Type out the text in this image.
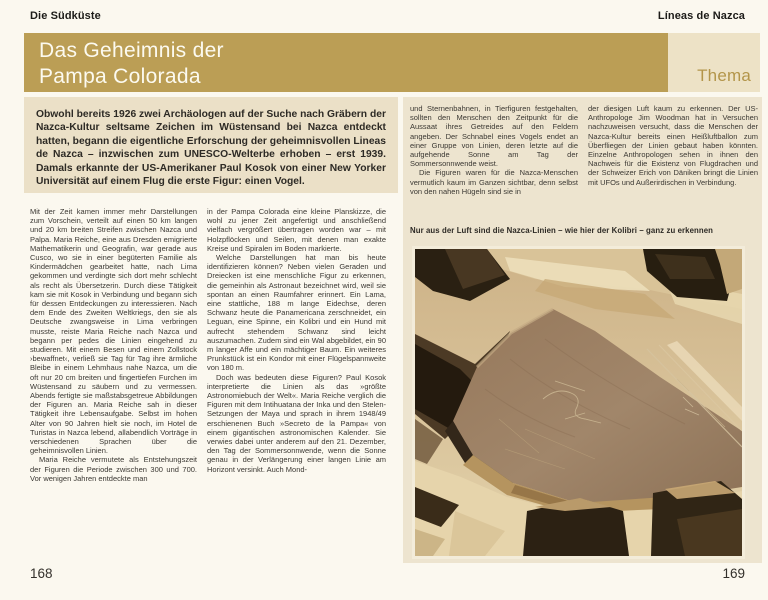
Die Südküste	Líneas de Nazca
Das Geheimnis der
Pampa Colorada	Thema
Obwohl bereits 1926 zwei Archäologen auf der Suche nach Gräbern der Nazca-Kultur seltsame Zeichen im Wüstensand bei Nazca entdeckt hatten, begann die eigentliche Erforschung der geheimnisvollen Lineas de Nazca – inzwischen zum UNESCO-Welterbe erhoben – erst 1939. Damals erkannte der US-Amerikaner Paul Kosok von einer New Yorker Universität auf einem Flug die erste Figur: einen Vogel.

Mit der Zeit kamen immer mehr Darstellungen zum Vorschein, verteilt auf einen 50 km langen und 20 km breiten Streifen zwischen Nazca und Palpa. Maria Reiche, eine aus Dresden emigrierte Mathematikerin und Geografin, war gerade aus Cusco, wo sie in einer begüterten Familie als Kindermädchen gearbeitet hatte, nach Lima gekommen und verdingte sich dort mehr schlecht als recht als Übersetzerin. Durch diese Tätigkeit kam sie mit Kosok in Verbindung und begann sich für dessen Entdeckungen zu interessieren. Nach dem Ende des Zweiten Weltkriegs, den sie als Deutsche zwangsweise in Lima verbringen musste, reiste Maria Reiche nach Nazca und begann per pedes die Linien eingehend zu studieren. Mit einem Besen und einem Zollstock ›bewaffnet‹, verließ sie Tag für Tag ihre ärmliche Bleibe in einem Lehmhaus nahe Nazca, um die oft nur 20 cm breiten und fingertiefen Furchen im Wüstensand zu säubern und zu vermessen. Abends fertigte sie maßstabsgetreue Abbildungen der Figuren an. Maria Reiche sah in dieser Tätigkeit ihre Lebensaufgabe. Selbst im hohen Alter von 90 Jahren hielt sie noch, im Hotel de Turistas in Nazca lebend, allabendlich Vorträge in verschiedenen Sprachen über die geheimnisvollen Linien.

Maria Reiche vermutete als Entstehungszeit der Figuren die Periode zwischen 300 und 700. Vor wenigen Jahren entdeckte man

in der Pampa Colorada eine kleine Planskizze, die wohl zu jener Zeit angefertigt und anschließend vielfach vergrößert übertragen worden war – mit Holzpflöcken und Seilen, mit denen man exakte Kreise und Spiralen im Boden markierte.

Welche Darstellungen hat man bis heute identifizieren können? Neben vielen Geraden und Dreiecken ist eine menschliche Figur zu erkennen, die gemeinhin als Astronaut bezeichnet wird, weil sie spontan an einen Raumfahrer erinnert. Ein Lama, eine stattliche, 188 m lange Eidechse, deren Schwanz heute die Panamericana zerschneidet, ein Leguan, eine Spinne, ein Kolibri und ein Hund mit aufrecht stehendem Schwanz sind leicht auszumachen. Zudem sind ein Wal abgebildet, ein 90 m langer Affe und ein mächtiger Baum. Ein weiteres Prunkstück ist ein Kondor mit einer Flügelspannweite von 180 m.

Doch was bedeuten diese Figuren? Paul Kosok interpretierte die Linien als das »größte Astronomiebuch der Welt«. Maria Reiche verglich die Figuren mit dem Intihuatana der Inka und den Stelen-Setzungen der Maya und sprach in ihrem 1948/49 erschienenen Buch »Secreto de la Pampa« von einem gigantischen astronomischen Kalender. Sie verwies dabei unter anderem auf den 21. Dezember, den Tag der Sommersonnwende, wenn die Sonne genau in der Verlängerung einer langen Linie am Horizont versinkt. Auch Mond-

und Sternenbahnen, in Tierfiguren festgehalten, sollten den Menschen den Zeitpunkt für die Aussaat ihres Getreides auf den Feldern angeben. Der Schnabel eines Vogels endet an einer Gruppe von Linien, deren letzte auf die aufgehende Sonne am Tag der Sommersonnwende weist.

Die Figuren waren für die Nazca-Menschen vermutlich kaum im Ganzen sichtbar, denn selbst von den nahen Hügeln sind sie in

der diesigen Luft kaum zu erkennen. Der US-Anthropologe Jim Woodman hat in Versuchen nachzuweisen versucht, dass die Menschen der Nazca-Kultur bereits einen Heißluftballon zum Überfliegen der Linien gebaut haben könnten. Einzelne Anthropologen sehen in ihnen den Nachweis für die Existenz von Flugdrachen und der Schweizer Erich von Däniken bringt die Linien mit UFOs und Außerirdischen in Verbindung.

Nur aus der Luft sind die Nazca-Linien – wie hier der Kolibri – ganz zu erkennen
168	169
